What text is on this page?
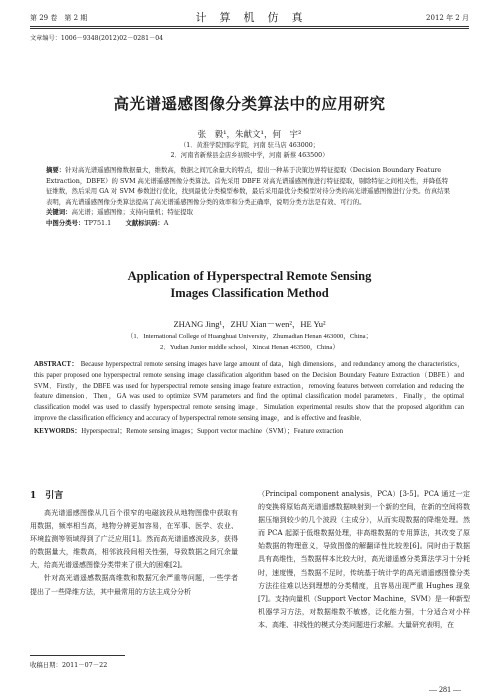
第 29 卷　第 2 期	计　算　机　仿　真	2012 年 2 月
文章编号：1006－9348(2012)02－0281－04
高光谱遥感图像分类算法中的应用研究
张　毅¹，朱献文¹，何　宇²
（1．黄淮学院国际学院，河南 驻马店 463000；
2．河南省新蔡县金店乡初级中学，河南 新蔡 463500）

摘要：针对高光谱遥感图像数据量大，维数高，数据之间冗余量大的特点，提出一种基于决策边界特征提取（Decision Boundary Feature Extraction，DBFE）的 SVM 高光谱遥感图像分类算法。首先采用 DBFE 对高光谱遥感图像进行特征提取，剔除特征之间相关性，并降低特征维数，然后采用 GA 对 SVM 参数进行优化，找到最优分类模型参数，最后采用最优分类模型对待分类的高光谱遥感图像进行分类。仿真结果表明，高光谱遥感图像分类算法提高了高光谱遥感图像分类的效率和分类正确率，说明分类方法是有效、可行的。

关键词：高光谱；遥感图像；支持向量机；特征提取

中图分类号：TP751.1 文献标识码：A

Application of Hyperspectral Remote Sensing
Images Classification Method
ZHANG Jing¹，ZHU Xian－wen²，HE Yu²
（1．International College of Huanghuai University，Zhumadian Henan 463000，China；
2．Yudian Junior middle school，Xincai Henan 463500，China）
ABSTRACT： Because hyperspectral remote sensing images have large amount of data，high dimensions，and redundancy among the characteristics，this paper proposed one hyperspectral remote sensing image classification algorithm based on the Decision Boundary Feature Extraction（DBFE）and SVM．Firstly，the DBFE was used for hyperspectral remote sensing image feature extraction，removing features between correlation and reducing the feature dimension．Then，GA was used to optimize SVM parameters and find the optimal classification model parameters．Finally，the optimal classification model was used to classify hyperspectral remote sensing image．Simulation experimental results show that the proposed algorithm can improve the classification efficiency and accuracy of hyperspectral remote sensing image，and is effective and feasible．
KEYWORDS：Hyperspectral；Remote sensing images；Support vector machine（SVM）；Feature extraction
1　引言

高光谱遥感图像从几百个很窄的电磁波段从地物图像中获取有用数据，频率相当高，地物分辨更加容易，在军事、医学、农业、环境监测等领域得到了广泛应用[1]。然而高光谱遥感波段多，获得的数据量大，维数高，相邻波段间相关性强，导致数据之间冗余量大，给高光谱遥感图像分类带来了很大的困难[2]。

针对高光谱遥感数据高维数和数据冗余严重等问题，一些学者提出了一些降维方法，其中最常用的方法主成分分析

收稿日期：2011－07－22

（Principal component analysis，PCA）[3-5]。PCA 通过一定的变换将原始高光谱遥感数据映射到一个新的空间，在新的空间将数据压缩到较少的几个波段（主成分），从而实现数据的降维处理。然而 PCA 起源于低维数据处理，非高维数据的专用算法，其改变了原始数据的物理意义，导致图像的解翻译性比较差[6]。同时由于数据具有高维性，当数据样本比较大时，高光谱遥感分类算法学习十分耗时，速度慢，当数据不足时，传统基于统计学的高光谱遥感图像分类方法往往难以达到理想的分类精度，且容易出现严重 Hughes 现象[7]。支持向量机（Support Vector Machine，SVM）是一种新型机器学习方法，对数据维数不敏感，泛化能力强，十分适合对小样本、高维、非线性的模式分类问题进行求解。大量研究表明，在

— 281 —
